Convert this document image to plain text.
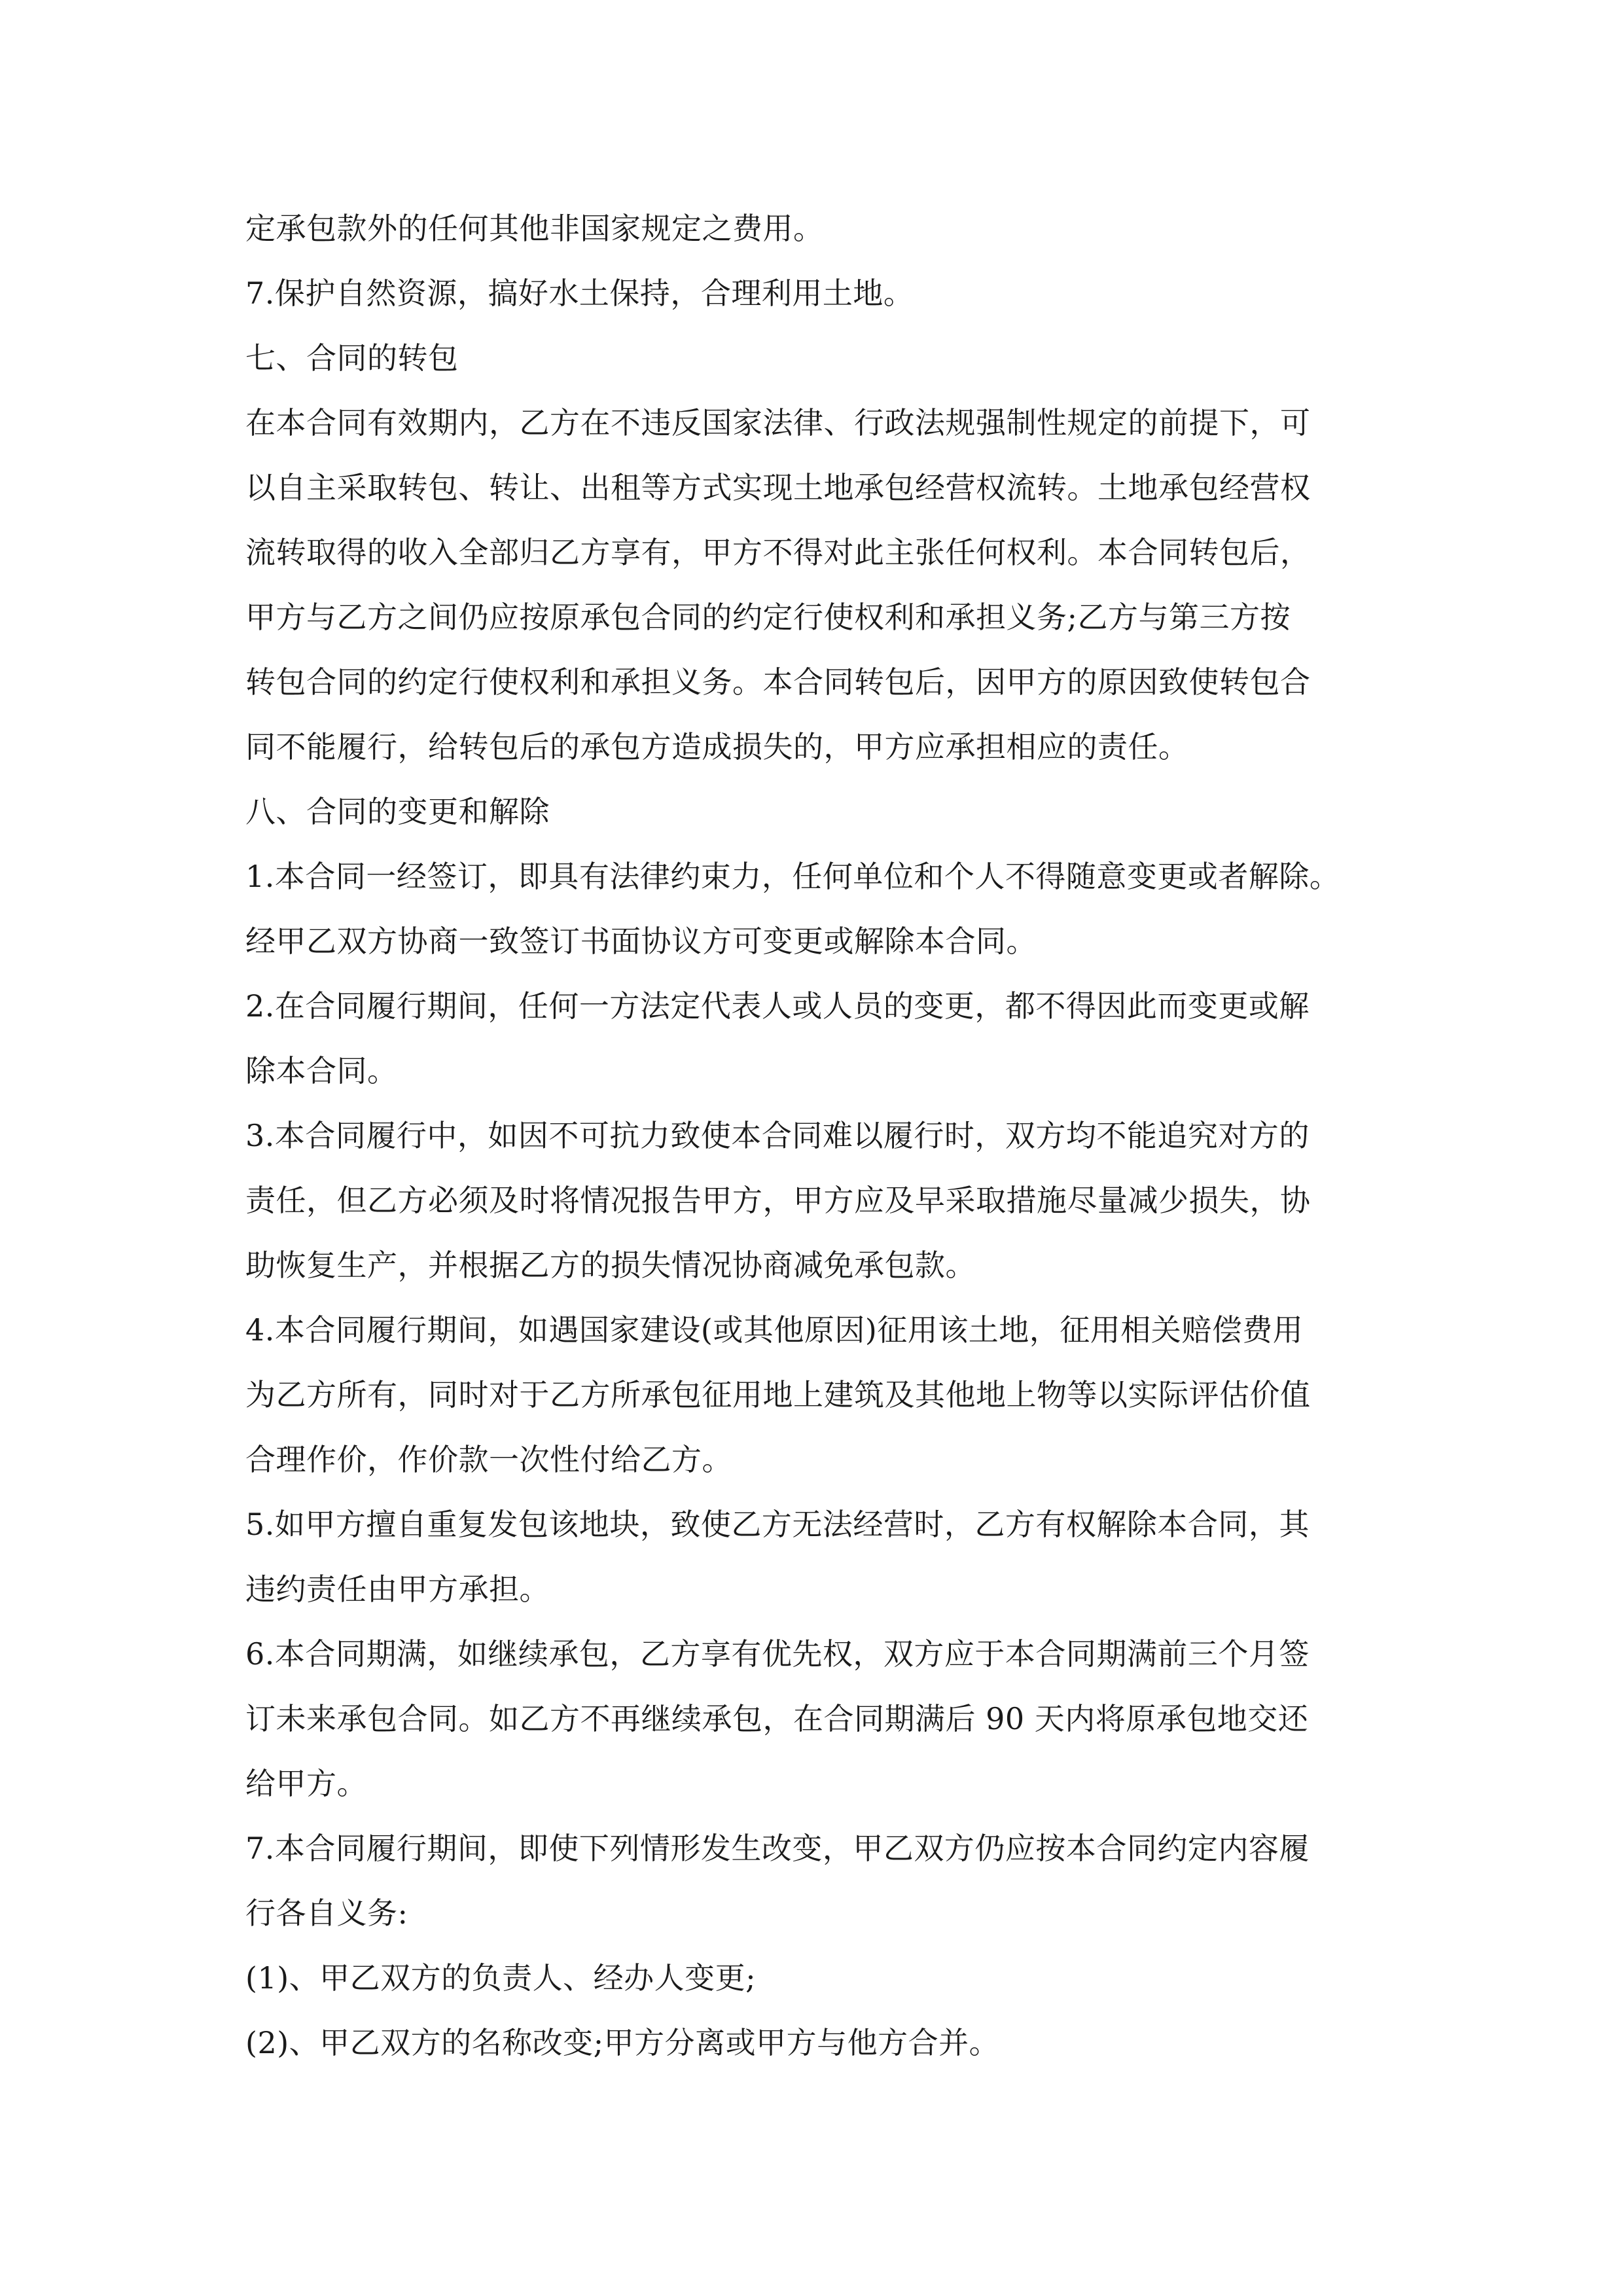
定承包款外的任何其他非国家规定之费用。
7.保护自然资源，搞好水土保持，合理利用土地。
七、合同的转包
在本合同有效期内，乙方在不违反国家法律、行政法规强制性规定的前提下，可
以自主采取转包、转让、出租等方式实现土地承包经营权流转。土地承包经营权
流转取得的收入全部归乙方享有，甲方不得对此主张任何权利。本合同转包后，
甲方与乙方之间仍应按原承包合同的约定行使权利和承担义务;乙方与第三方按
转包合同的约定行使权利和承担义务。本合同转包后，因甲方的原因致使转包合
同不能履行，给转包后的承包方造成损失的，甲方应承担相应的责任。
八、合同的变更和解除
1.本合同一经签订，即具有法律约束力，任何单位和个人不得随意变更或者解除。
经甲乙双方协商一致签订书面协议方可变更或解除本合同。
2.在合同履行期间，任何一方法定代表人或人员的变更，都不得因此而变更或解
除本合同。
3.本合同履行中，如因不可抗力致使本合同难以履行时，双方均不能追究对方的
责任，但乙方必须及时将情况报告甲方，甲方应及早采取措施尽量减少损失，协
助恢复生产，并根据乙方的损失情况协商减免承包款。
4.本合同履行期间，如遇国家建设(或其他原因)征用该土地，征用相关赔偿费用
为乙方所有，同时对于乙方所承包征用地上建筑及其他地上物等以实际评估价值
合理作价，作价款一次性付给乙方。
5.如甲方擅自重复发包该地块，致使乙方无法经营时，乙方有权解除本合同，其
违约责任由甲方承担。
6.本合同期满，如继续承包，乙方享有优先权，双方应于本合同期满前三个月签
订未来承包合同。如乙方不再继续承包，在合同期满后 90 天内将原承包地交还
给甲方。
7.本合同履行期间，即使下列情形发生改变，甲乙双方仍应按本合同约定内容履
行各自义务:
(1)、甲乙双方的负责人、经办人变更;
(2)、甲乙双方的名称改变;甲方分离或甲方与他方合并。
